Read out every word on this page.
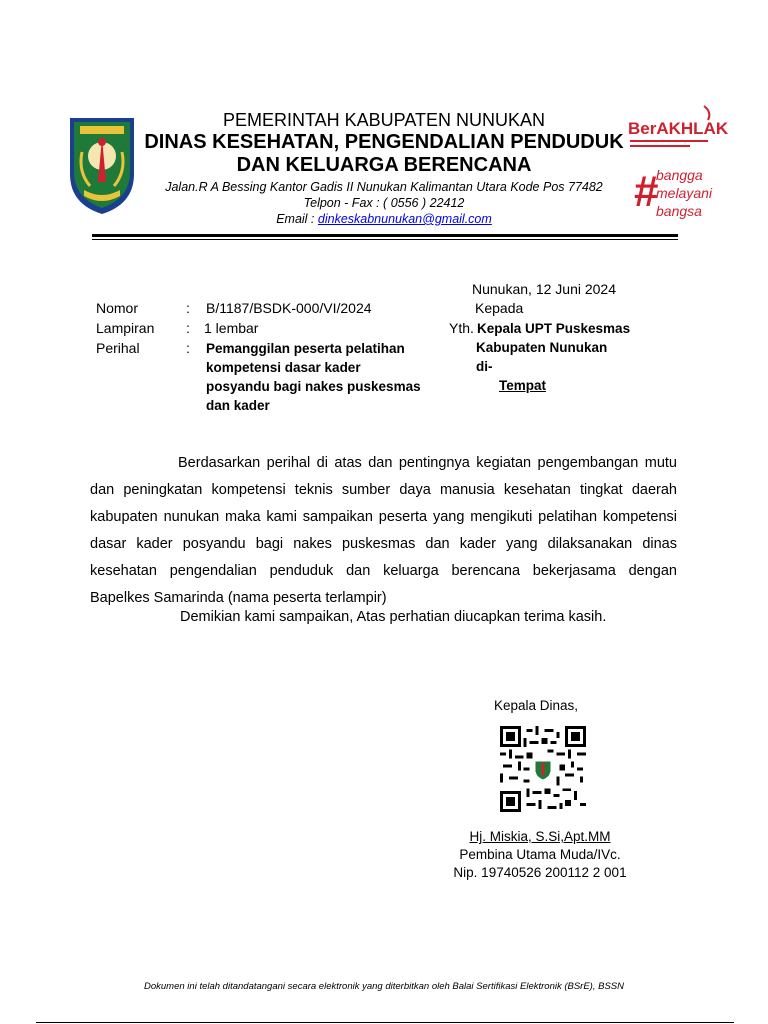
PEMERINTAH KABUPATEN NUNUKAN
DINAS KESEHATAN, PENGENDALIAN PENDUDUK
DAN KELUARGA BERENCANA
Jalan.R A Bessing Kantor Gadis II Nunukan Kalimantan Utara Kode Pos 77482
Telpon - Fax : ( 0556 ) 22412
Email : dinkeskabnunukan@gmail.com
BerAKHLAK
#
bangga
melayani
bangsa
Nunukan, 12 Juni 2024
Kepada
Yth. Kepala UPT Puskesmas
Kabupaten Nunukan
di-
Tempat
Nomor	: B/1187/BSDK-000/VI/2024
Lampiran : 1 lembar
Perihal	: Pemanggilan peserta pelatihan kompetensi dasar kader posyandu bagi nakes puskesmas dan kader

Berdasarkan perihal di atas dan pentingnya kegiatan pengembangan mutu dan peningkatan kompetensi teknis sumber daya manusia kesehatan tingkat daerah kabupaten nunukan maka kami sampaikan peserta yang mengikuti pelatihan kompetensi dasar kader posyandu bagi nakes puskesmas dan kader yang dilaksanakan dinas kesehatan pengendalian penduduk dan keluarga berencana bekerjasama dengan Bapelkes Samarinda (nama peserta terlampir)

Demikian kami sampaikan, Atas perhatian diucapkan terima kasih.
Kepala Dinas,
Hj. Miskia, S.Si,Apt.MM
Pembina Utama Muda/IVc.
Nip. 19740526 200112 2 001
Dokumen ini telah ditandatangani secara elektronik yang diterbitkan oleh Balai Sertifikasi Elektronik (BSrE), BSSN
